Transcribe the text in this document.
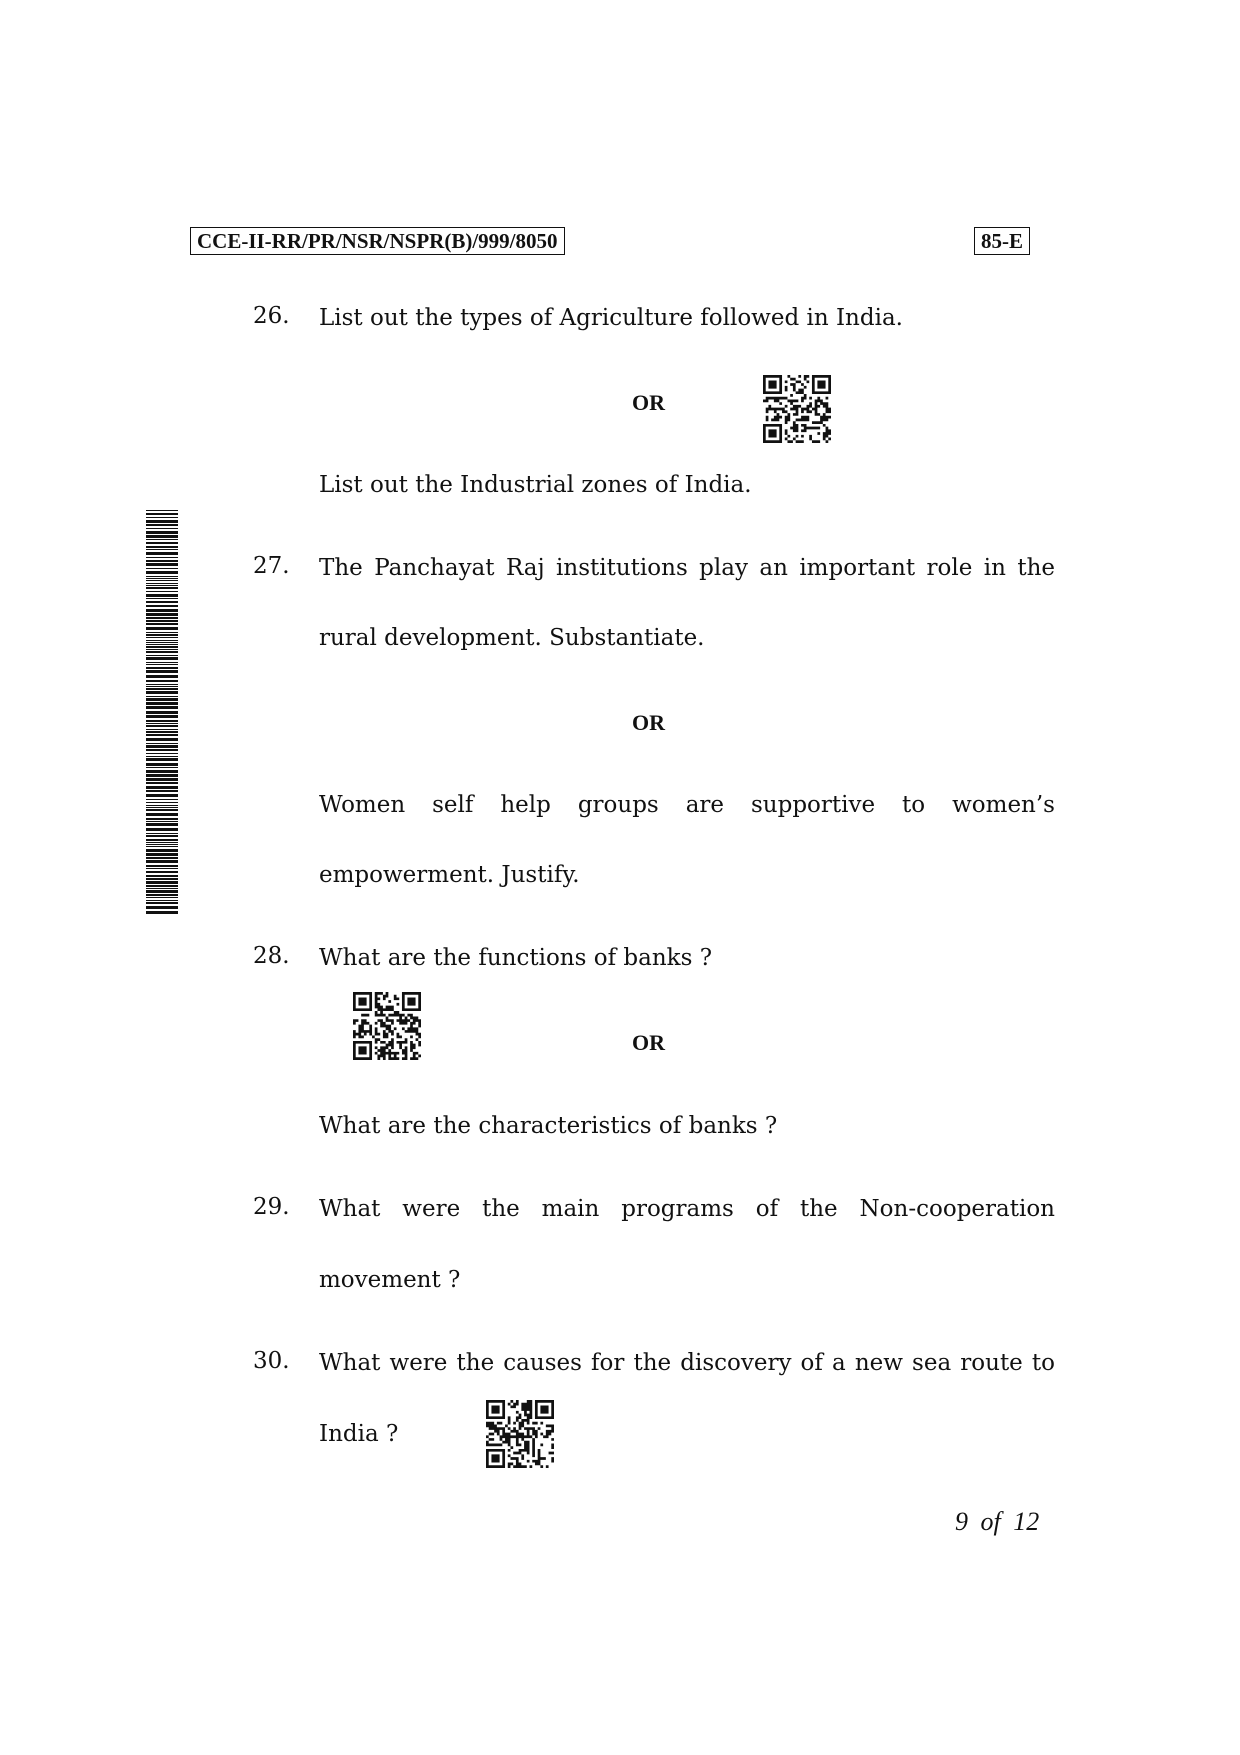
CCE-II-RR/PR/NSR/NSPR(B)/999/8050	85-E
26. List out the types of Agriculture followed in India.
OR
List out the Industrial zones of India.
27. The Panchayat Raj institutions play an important role in the
rural development. Substantiate.
OR
Women self help groups are supportive to women’s
empowerment. Justify.
28. What are the functions of banks ?
OR
What are the characteristics of banks ?
29. What were the main programs of the Non-cooperation
movement ?
30. What were the causes for the discovery of a new sea route to
India ?
9 of 12
